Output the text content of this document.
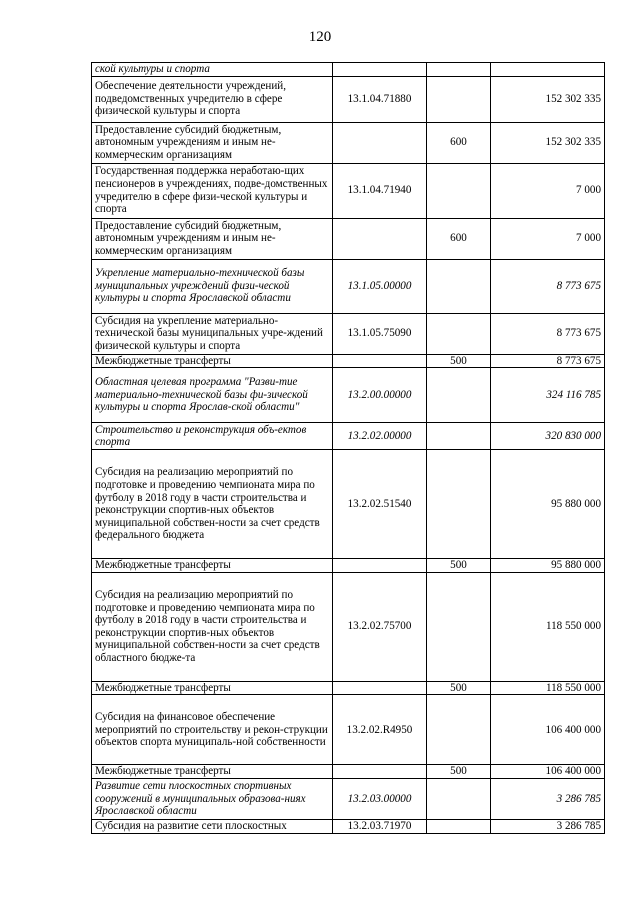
120
ской культуры и спорта			
Обеспечение деятельности учреждений, подведомственных учредителю в сфере физической культуры и спорта	13.1.04.71880		152 302 335
Предоставление субсидий бюджетным, автономным учреждениям и иным не-коммерческим организациям		600	152 302 335
Государственная поддержка неработаю-щих пенсионеров в учреждениях, подве-домственных учредителю в сфере физи-ческой культуры и спорта	13.1.04.71940		7 000
Предоставление субсидий бюджетным, автономным учреждениям и иным не-коммерческим организациям		600	7 000
Укрепление материально-технической базы муниципальных учреждений физи-ческой культуры и спорта Ярославской области	13.1.05.00000		8 773 675
Субсидия на укрепление материально-технической базы муниципальных учре-ждений физической культуры и спорта	13.1.05.75090		8 773 675
Межбюджетные трансферты		500	8 773 675
Областная целевая программа "Разви-тие материально-технической базы фи-зической культуры и спорта Ярослав-ской области"	13.2.00.00000		324 116 785
Строительство и реконструкция объ-ектов спорта	13.2.02.00000		320 830 000
Субсидия на реализацию мероприятий по подготовке и проведению чемпионата мира по футболу в 2018 году в части строительства и реконструкции спортив-ных объектов муниципальной собствен-ности за счет средств федерального бюджета	13.2.02.51540		95 880 000
Межбюджетные трансферты		500	95 880 000
Субсидия на реализацию мероприятий по подготовке и проведению чемпионата мира по футболу в 2018 году в части строительства и реконструкции спортив-ных объектов муниципальной собствен-ности за счет средств областного бюдже-та	13.2.02.75700		118 550 000
Межбюджетные трансферты		500	118 550 000
Субсидия на финансовое обеспечение мероприятий по строительству и рекон-струкции объектов спорта муниципаль-ной собственности	13.2.02.R4950		106 400 000
Межбюджетные трансферты		500	106 400 000
Развитие сети плоскостных спортивных сооружений в муниципальных образова-ниях Ярославской области	13.2.03.00000		3 286 785
Субсидия на развитие сети плоскостных	13.2.03.71970		3 286 785
